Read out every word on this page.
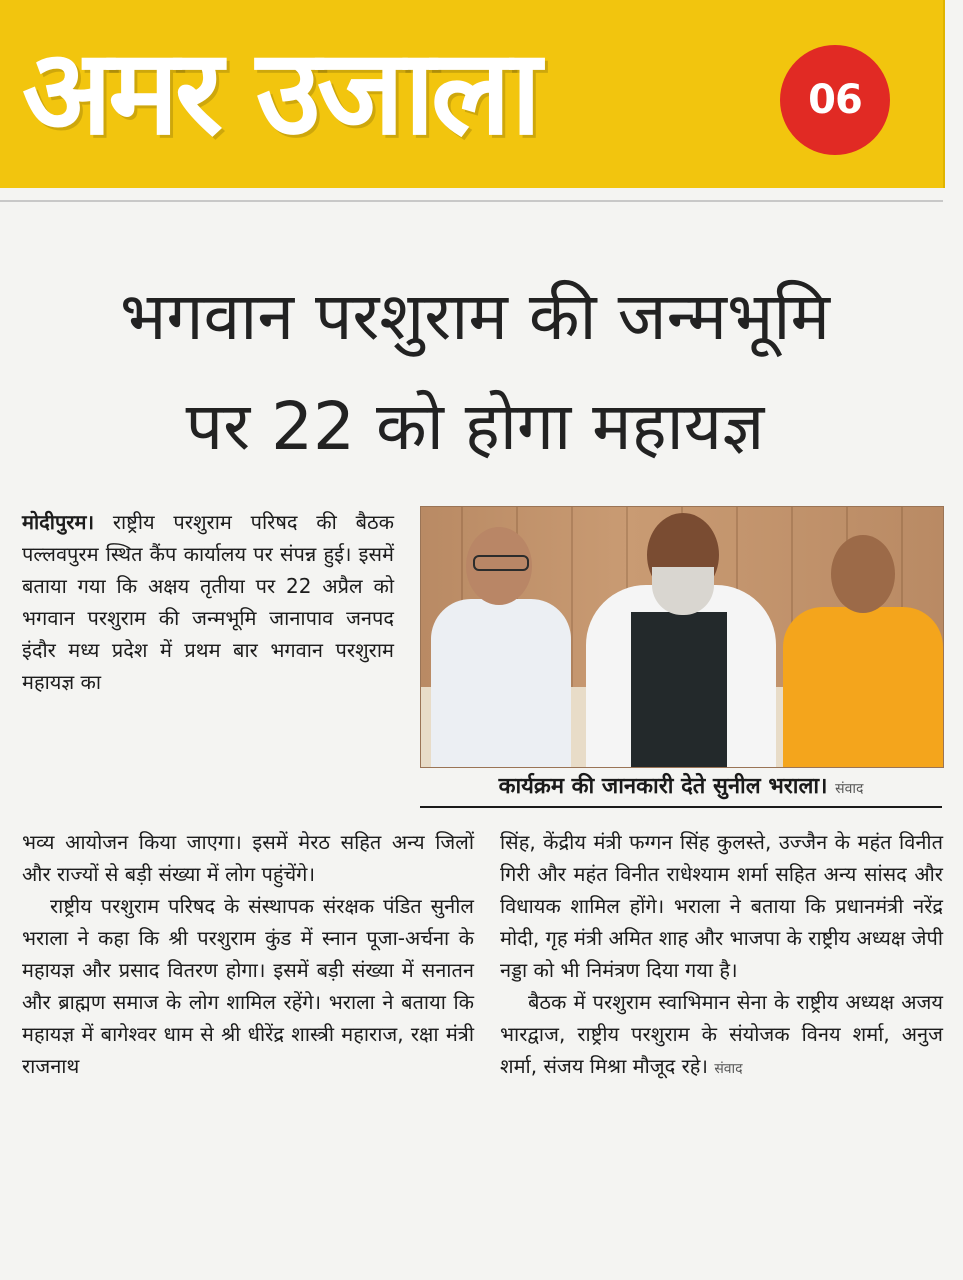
अमर उजाला	06
भगवान परशुराम की जन्मभूमि
पर 22 को होगा महायज्ञ

मोदीपुरम। राष्ट्रीय परशुराम परिषद की बैठक पल्लवपुरम स्थित कैंप कार्यालय पर संपन्न हुई। इसमें बताया गया कि अक्षय तृतीया पर 22 अप्रैल को भगवान परशुराम की जन्मभूमि जानापाव जनपद इंदौर मध्य प्रदेश में प्रथम बार भगवान परशुराम महायज्ञ का

कार्यक्रम की जानकारी देते सुनील भराला। संवाद

भव्य आयोजन किया जाएगा। इसमें मेरठ सहित अन्य जिलों और राज्यों से बड़ी संख्या में लोग पहुंचेंगे।

राष्ट्रीय परशुराम परिषद के संस्थापक संरक्षक पंडित सुनील भराला ने कहा कि श्री परशुराम कुंड में स्नान पूजा-अर्चना के महायज्ञ और प्रसाद वितरण होगा। इसमें बड़ी संख्या में सनातन और ब्राह्मण समाज के लोग शामिल रहेंगे। भराला ने बताया कि महायज्ञ में बागेश्वर धाम से श्री धीरेंद्र शास्त्री महाराज, रक्षा मंत्री राजनाथ

सिंह, केंद्रीय मंत्री फग्गन सिंह कुलस्ते, उज्जैन के महंत विनीत गिरी और महंत विनीत राधेश्याम शर्मा सहित अन्य सांसद और विधायक शामिल होंगे। भराला ने बताया कि प्रधानमंत्री नरेंद्र मोदी, गृह मंत्री अमित शाह और भाजपा के राष्ट्रीय अध्यक्ष जेपी नड्डा को भी निमंत्रण दिया गया है।

बैठक में परशुराम स्वाभिमान सेना के राष्ट्रीय अध्यक्ष अजय भारद्वाज, राष्ट्रीय परशुराम के संयोजक विनय शर्मा, अनुज शर्मा, संजय मिश्रा मौजूद रहे। संवाद
